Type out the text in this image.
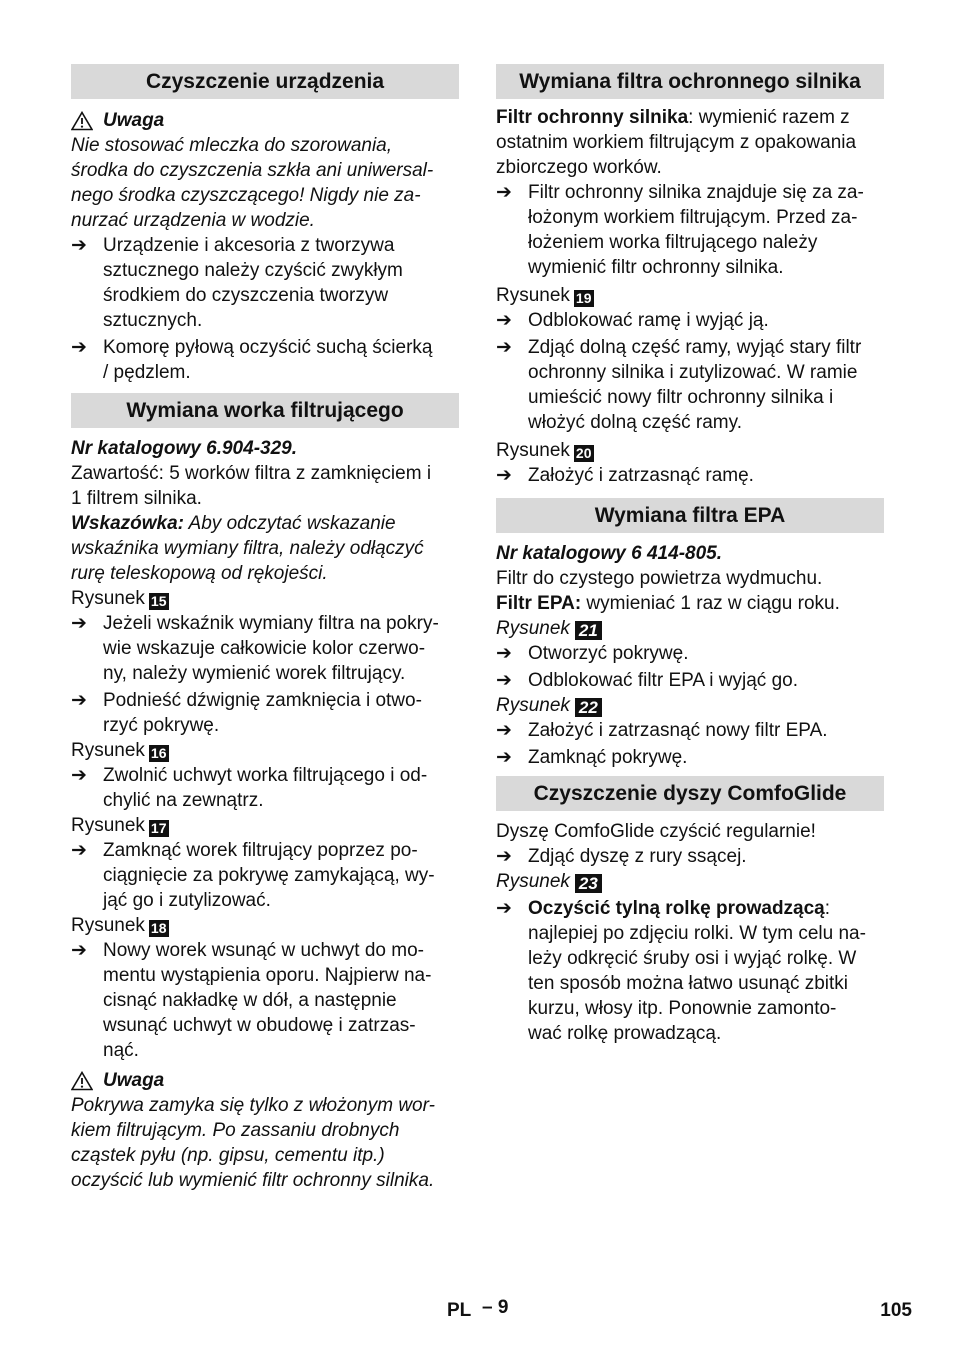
Czyszczenie urządzenia
Uwaga
Nie stosować mleczka do szorowania,
środka do czyszczenia szkła ani uniwersal-
nego środka czyszczącego! Nigdy nie za-
nurzać urządzenia w wodzie.
➔ Urządzenie i akcesoria z tworzywa
sztucznego należy czyścić zwykłym
środkiem do czyszczenia tworzyw
sztucznych.
➔ Komorę pyłową oczyścić suchą ścierką
/ pędzlem.
Wymiana worka filtrującego
Nr katalogowy 6.904-329.
Zawartość: 5 worków filtra z zamknięciem i
1 filtrem silnika.
Wskazówka: Aby odczytać wskazanie
wskaźnika wymiany filtra, należy odłączyć
rurę teleskopową od rękojeści.
Rysunek 15
➔ Jeżeli wskaźnik wymiany filtra na pokry-
wie wskazuje całkowicie kolor czerwo-
ny, należy wymienić worek filtrujący.
➔ Podnieść dźwignię zamknięcia i otwo-
rzyć pokrywę.
Rysunek 16
➔ Zwolnić uchwyt worka filtrującego i od-
chylić na zewnątrz.
Rysunek 17
➔ Zamknąć worek filtrujący poprzez po-
ciągnięcie za pokrywę zamykającą, wy-
jąć go i zutylizować.
Rysunek 18
➔ Nowy worek wsunąć w uchwyt do mo-
mentu wystąpienia oporu. Najpierw na-
cisnąć nakładkę w dół, a następnie
wsunąć uchwyt w obudowę i zatrzas-
nąć.
Uwaga
Pokrywa zamyka się tylko z włożonym wor-
kiem filtrującym. Po zassaniu drobnych
cząstek pyłu (np. gipsu, cementu itp.)
oczyścić lub wymienić filtr ochronny silnika.
Wymiana filtra ochronnego silnika
Filtr ochronny silnika: wymienić razem z
ostatnim workiem filtrującym z opakowania
zbiorczego worków.
➔ Filtr ochronny silnika znajduje się za za-
łożonym workiem filtrującym. Przed za-
łożeniem worka filtrującego należy
wymienić filtr ochronny silnika.
Rysunek 19
➔ Odblokować ramę i wyjąć ją.
➔ Zdjąć dolną część ramy, wyjąć stary filtr
ochronny silnika i zutylizować. W ramie
umieścić nowy filtr ochronny silnika i
włożyć dolną część ramy.
Rysunek 20
➔ Założyć i zatrzasnąć ramę.
Wymiana filtra EPA
Nr katalogowy 6 414-805.
Filtr do czystego powietrza wydmuchu.
Filtr EPA: wymieniać 1 raz w ciągu roku.
Rysunek 21
➔ Otworzyć pokrywę.
➔ Odblokować filtr EPA i wyjąć go.
Rysunek 22
➔ Założyć i zatrzasnąć nowy filtr EPA.
➔ Zamknąć pokrywę.
Czyszczenie dyszy ComfoGlide
Dyszę ComfoGlide czyścić regularnie!
➔ Zdjąć dyszę z rury ssącej.
Rysunek 23
➔ Oczyścić tylną rolkę prowadzącą:
najlepiej po zdjęciu rolki. W tym celu na-
leży odkręcić śruby osi i wyjąć rolkę. W
ten sposób można łatwo usunąć zbitki
kurzu, włosy itp. Ponownie zamonto-
wać rolkę prowadzącą.
PL – 9	105
